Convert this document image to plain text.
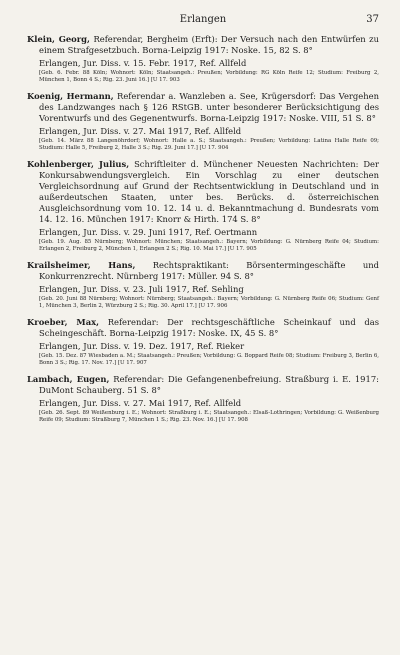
Erlangen	37
Klein, Georg, Referendar, Bergheim (Erft): Der Versuch nach den Entwürfen zu einem Strafgesetzbuch. Borna-Leipzig 1917: Noske. 15, 82 S. 8°
Erlangen, Jur. Diss. v. 15. Febr. 1917, Ref. Allfeld
[Geb. 6. Febr. 88 Köln; Wohnort: Köln; Staatsangeh.: Preußen; Vorbildung: RG Köln Reife 12; Studium: Freiburg 2, München 1, Bonn 4 S.; Rig. 23. Juni 16.] [U 17. 903
Koenig, Hermann, Referendar a. Wanzleben a. See, Krügersdorf: Das Vergehen des Landzwanges nach § 126 RStGB. unter besonderer Berücksichtigung des Vorentwurfs und des Gegenentwurfs. Borna-Leipzig 1917: Noske. VIII, 51 S. 8°
Erlangen, Jur. Diss. v. 27. Mai 1917, Ref. Allfeld
[Geb. 14. März 88 Langenöhrdorf; Wohnort: Halle a. S.; Staatsangeh.: Preußen; Vorbildung: Latina Halle Reife 09; Studium: Halle 5, Freiburg 2, Halle 3 S.; Rig. 29. Juni 17.] [U 17. 904
Kohlenberger, Julius, Schriftleiter d. Münchener Neuesten Nachrichten: Der Konkursabwendungsvergleich. Ein Vorschlag zu einer deutschen Vergleichsordnung auf Grund der Rechtsentwicklung in Deutschland und in außerdeutschen Staaten, unter bes. Berücks. d. österreichischen Ausgleichsordnung vom 10. 12. 14 u. d. Bekanntmachung d. Bundesrats vom 14. 12. 16. München 1917: Knorr & Hirth. 174 S. 8°
Erlangen, Jur. Diss. v. 29. Juni 1917, Ref. Oertmann
[Geb. 19. Aug. 85 Nürnberg; Wohnort: München; Staatsangeh.: Bayern; Vorbildung: G. Nürnberg Reife 04; Studium: Erlangen 2, Freiburg 2, München 1, Erlangen 2 S.; Rig. 10. Mai 17.] [U 17. 905
Krailsheimer, Hans, Rechtspraktikant: Börsentermingeschäfte und Konkurrenzrecht. Nürnberg 1917: Müller. 94 S. 8°
Erlangen, Jur. Diss. v. 23. Juli 1917, Ref. Sehling
[Geb. 20. Juni 88 Nürnberg; Wohnort: Nürnberg; Staatsangeh.: Bayern; Vorbildung: G. Nürnberg Reife 06; Studium: Genf 1, München 3, Berlin 2, Würzburg 2 S.; Rig. 30. April 17.] [U 17. 906
Kroeber, Max, Referendar: Der rechtsgeschäftliche Scheinkauf und das Scheingeschäft. Borna-Leipzig 1917: Noske. IX, 45 S. 8°
Erlangen, Jur. Diss. v. 19. Dez. 1917, Ref. Rieker
[Geb. 15. Dez. 87 Wiesbaden a. M.; Staatsangeh.: Preußen; Vorbildung: G. Boppard Reife 08; Studium: Freiburg 3, Berlin 6, Bonn 3 S.; Rig. 17. Nov. 17.] [U 17. 907
Lambach, Eugen, Referendar: Die Gefangenenbefreiung. Straßburg i. E. 1917: DuMont Schauberg. 51 S. 8°
Erlangen, Jur. Diss. v. 27. Mai 1917, Ref. Allfeld
[Geb. 26. Sept. 89 Weißenburg i. E.; Wohnort: Straßburg i. E.; Staatsangeh.: Elsaß-Lothringen; Vorbildung: G. Weißenburg Reife 09; Studium: Straßburg 7, München 1 S.; Rig. 23. Nov. 16.] [U 17. 908
